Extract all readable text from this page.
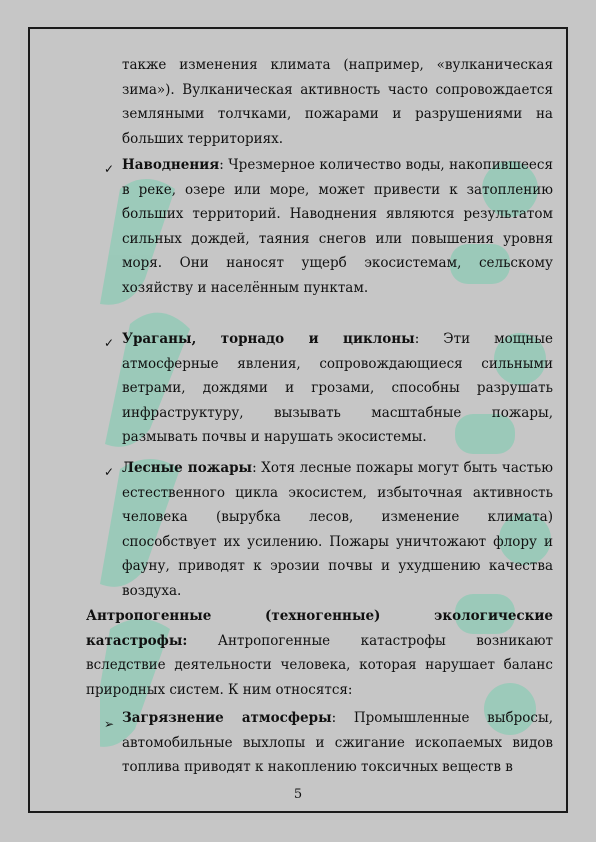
также изменения климата (например, «вулканическая зима»). Вулканическая активность часто сопровождается земляными толчками, пожарами и разрушениями на больших территориях.
✓ Наводнения: Чрезмерное количество воды, накопившееся в реке, озере или море, может привести к затоплению больших территорий. Наводнения являются результатом сильных дождей, таяния снегов или повышения уровня моря. Они наносят ущерб экосистемам, сельскому хозяйству и населённым пунктам.
✓ Ураганы, торнадо и циклоны: Эти мощные атмосферные явления, сопровождающиеся сильными ветрами, дождями и грозами, способны разрушать инфраструктуру, вызывать масштабные пожары, размывать почвы и нарушать экосистемы.
✓ Лесные пожары: Хотя лесные пожары могут быть частью естественного цикла экосистем, избыточная активность человека (вырубка лесов, изменение климата) способствует их усилению. Пожары уничтожают флору и фауну, приводят к эрозии почвы и ухудшению качества воздуха.
Антропогенные (техногенные) экологические катастрофы: Антропогенные катастрофы возникают вследствие деятельности человека, которая нарушает баланс природных систем. К ним относятся:
➢ Загрязнение атмосферы: Промышленные выбросы, автомобильные выхлопы и сжигание ископаемых видов топлива приводят к накоплению токсичных веществ в
5
